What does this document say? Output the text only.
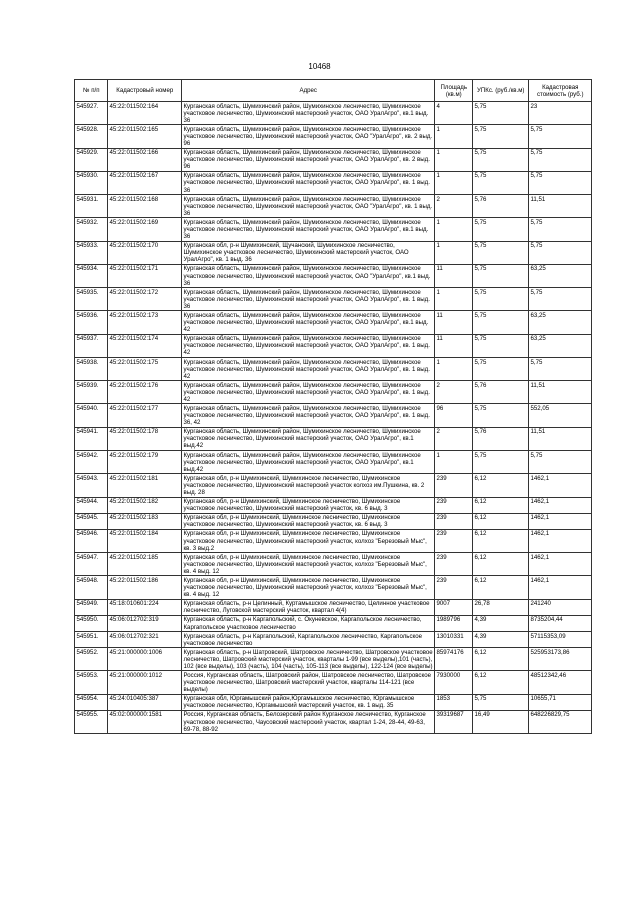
10468
№ п/п	Кадастровый номер	Адрес	Площадь (кв.м)	УПКс. (руб./кв.м)	Кадастровая стоимость (руб.)
545927.	45:22:011502:164	Курганская область, Шумихинский район, Шумихинское лесничество, Шумихинское участковое лесничество, Шумихинский мастерский участок, ОАО УралАгро", кв.1 выд. 36	4	5,75	23
545928.	45:22:011502:165	Курганская область, Шумихинский район, Шумихинское лесничество, Шумихинское участковое лесничество, Шумихинский мастерский участок, ОАО "УралАгро", кв. 2 выд. 96	1	5,75	5,75
545929.	45:22:011502:166	Курганская область, Шумихинский район, Шумихинское лесничество, Шумихинское участковое лесничество, Шумихинский мастерский участок, ОАО УралАгро", кв. 2 выд. 96	1	5,75	5,75
545930.	45:22:011502:167	Курганская область, Шумихинский район, Шумихинское лесничество, Шумихинское участковое лесничество, Шумихинский мастерский участок, ОАО УралАгро", кв. 1 выд. 36	1	5,75	5,75
545931.	45:22:011502:168	Курганская область, Шумихинский район, Шумихинское лесничество, Шумихинское участковое лесничество, Шумихинский мастерский участок, ОАО "УралАгро", кв. 1 выд. 36	2	5,76	11,51
545932.	45:22:011502:169	Курганская область, Шумихинский район, Шумихинское лесничество, Шумихинское участковое лесничество, Шумихинский мастерский участок, ОАО УралАгро", кв.1 выд. 36	1	5,75	5,75
545933.	45:22:011502:170	Курганская обл, р-н Шумихинский, Щучанский, Шумихинское лесничество, Шумихинское участковое лесничество, Шумихинский мастерский участок, ОАО УралАгро", кв. 1 выд. 36	1	5,75	5,75
545934.	45:22:011502:171	Курганская область, Шумихинский район, Шумихинское лесничество, Шумихинское участковое лесничество, Шумихинский мастерский участок, ОАО "УралАгро", кв.1 выд. 36	11	5,75	63,25
545935.	45:22:011502:172	Курганская область, Шумихинский район, Шумихинское лесничество, Шумихинское участковое лесничество, Шумихинский мастерский участок, ОАО УралАгро", кв. 1 выд. 36	1	5,75	5,75
545936.	45:22:011502:173	Курганская область, Шумихинский район, Шумихинское лесничество, Шумихинское участковое лесничество, Шумихинский мастерский участок, ОАО УралАгро", кв.1 выд. 42	11	5,75	63,25
545937.	45:22:011502:174	Курганская область, Шумихинский район, Шумихинское лесничество, Шумихинское участковое лесничество, Шумихинский мастерский участок, ОАО УралАгро", кв. 1 выд. 42	11	5,75	63,25
545938.	45:22:011502:175	Курганская область, Шумихинский район, Шумихинское лесничество, Шумихинское участковое лесничество, Шумихинский мастерский участок, ОАО УралАгро", кв. 1 выд. 42	1	5,75	5,75
545939.	45:22:011502:176	Курганская область, Шумихинский район, Шумихинское лесничество, Шумихинское участковое лесничество, Шумихинский мастерский участок, ОАО УралАгро", кв. 1 выд. 42	2	5,76	11,51
545940.	45:22:011502:177	Курганская область, Шумихинский район, Шумихинское лесничество, Шумихинское участковое лесничество, Шумихинский мастерский участок, ОАО УралАгро", кв. 1 выд. 36, 42	96	5,75	552,05
545941.	45:22:011502:178	Курганская область, Шумихинский район, Шумихинское лесничество, Шумихинское участковое лесничество, Шумихинский мастерский участок, ОАО УралАгро", кв.1 выд.42	2	5,76	11,51
545942.	45:22:011502:179	Курганская область, Шумихинский район, Шумихинское лесничество, Шумихинское участковое лесничество, Шумихинский мастерский участок, ОАО УралАгро", кв.1 выд.42	1	5,75	5,75
545943.	45:22:011502:181	Курганская обл, р-н Шумихинский, Шумихинское лесничество, Шумихинское участковое лесничество, Шумихинский мастерский участок колхоз им.Пушкина, кв. 2 выд. 28	239	6,12	1462,1
545944.	45:22:011502:182	Курганская обл, р-н Шумихинский, Шумихинское лесничество, Шумихинское участковое лесничество, Шумихинский мастерский участок, кв. 6 выд. 3	239	6,12	1462,1
545945.	45:22:011502:183	Курганская обл, р-н Шумихинский, Шумихинское лесничество, Шумихинское участковое лесничество, Шумихинский мастерский участок, кв. 6 выд. 3	239	6,12	1462,1
545946.	45:22:011502:184	Курганская обл, р-н Шумихинский, Шумихинское лесничество, Шумихинское участковое лесничество, Шумихинский мастерский участок, колхоз "Березовый Мыс", кв. 3 выд.2	239	6,12	1462,1
545947.	45:22:011502:185	Курганская обл, р-н Шумихинский, Шумихинское лесничество, Шумихинское участковое лесничество, Шумихинский мастерский участок, колхоз "Березовый Мыс", кв. 4 выд. 12	239	6,12	1462,1
545948.	45:22:011502:186	Курганская обл, р-н Шумихинский, Шумихинское лесничество, Шумихинское участковое лесничество, Шумихинский мастерский участок, колхоз "Березовый Мыс", кв. 4 выд. 12	239	6,12	1462,1
545949.	45:18:010601:224	Курганская область, р-н Целинный, Куртамышское лесничество, Целинное участковое лесничество, Луговской мастерский участок, квартал 4(4)	9007	26,78	241240
545950.	45:06:012702:319	Курганская область, р-н Каргапольский, с. Окуневское, Каргапольское лесничество, Каргапольское участковое лесничество	1989796	4,39	8735204,44
545951.	45:06:012702:321	Курганская область, р-н Каргапольский, Каргапольское лесничество, Каргапольское участковое лесничество	13010331	4,39	57115353,09
545952.	45:21:000000:1006	Курганская область, р-н Шатровский, Шатровское лесничество, Шатровское участковое лесничество, Шатровский мастерский участок, кварталы 1-99 (все выделы),101 (часть), 102 (все выделы), 103 (часть), 104 (часть), 105-113 (все выделы), 122-124 (все выделы)	85974176	6,12	525953173,86
545953.	45:21:000000:1012	Россия, Курганская область, Шатровский район, Шатровское лесничество, Шатровское участковое лесничество, Шатровский мастерский участок, кварталы 114-121 (все выделы)	7930000	6,12	48512342,46
545954.	45:24:010405:387	Курганская обл, Юргамышский район,Юргамышское лесничество, Юргамышское участковое лесничество, Юргамышский мастерский участок, кв. 1 выд. 35	1853	5,75	10655,71
545955.	45:02:000000:1581	Россия, Курганская область, Белозерский район Курганское лесничество, Курганское участковое лесничество, Чаусовский мастерский участок, квартал 1-24, 28-44, 49-63, 69-78, 88-92	39319687	16,49	648226829,75
